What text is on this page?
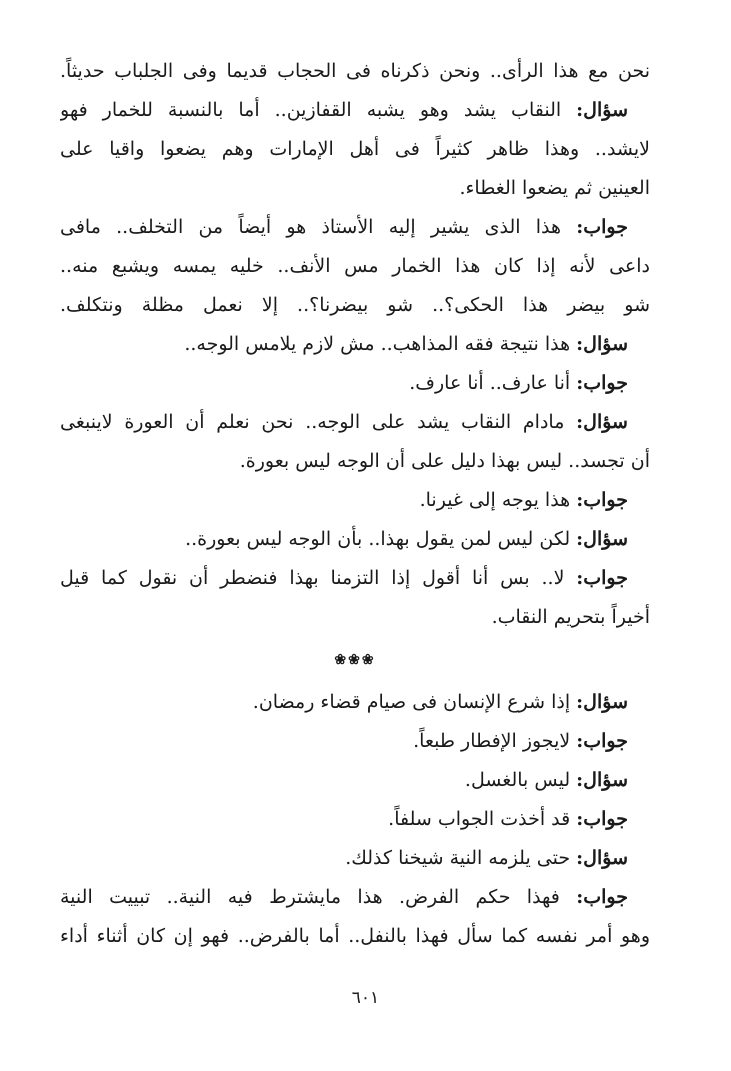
نحن مع هذا الرأى.. ونحن ذكرناه فى الحجاب قديما وفى الجلباب حديثاً.
سؤال: النقاب يشد وهو يشبه القفازين.. أما بالنسبة للخمار فهو
لايشد.. وهذا ظاهر كثيراً فى أهل الإمارات وهم يضعوا واقيا على
العينين ثم يضعوا الغطاء.
جواب: هذا الذى يشير إليه الأستاذ هو أيضاً من التخلف.. مافى
داعى لأنه إذا كان هذا الخمار مس الأنف.. خليه يمسه ويشبع منه..
شو بيضر هذا الحكى؟.. شو بيضرنا؟.. إلا نعمل مظلة ونتكلف.
سؤال: هذا نتيجة فقه المذاهب.. مش لازم يلامس الوجه..
جواب: أنا عارف.. أنا عارف.
سؤال: مادام النقاب يشد على الوجه.. نحن نعلم أن العورة لاينبغى
أن تجسد.. ليس بهذا دليل على أن الوجه ليس بعورة.
جواب: هذا يوجه إلى غيرنا.
سؤال: لكن ليس لمن يقول بهذا.. بأن الوجه ليس بعورة..
جواب: لا.. بس أنا أقول إذا التزمنا بهذا فنضطر أن نقول كما قيل
أخيراً بتحريم النقاب.
❀❀❀
سؤال: إذا شرع الإنسان فى صيام قضاء رمضان.
جواب: لايجوز الإفطار طبعاً.
سؤال: ليس بالغسل.
جواب: قد أخذت الجواب سلفاً.
سؤال: حتى يلزمه النية شيخنا كذلك.
جواب: فهذا حكم الفرض. هذا مايشترط فيه النية.. تبييت النية
وهو أمر نفسه كما سأل فهذا بالنفل.. أما بالفرض.. فهو إن كان أثناء أداء
٦٠١
